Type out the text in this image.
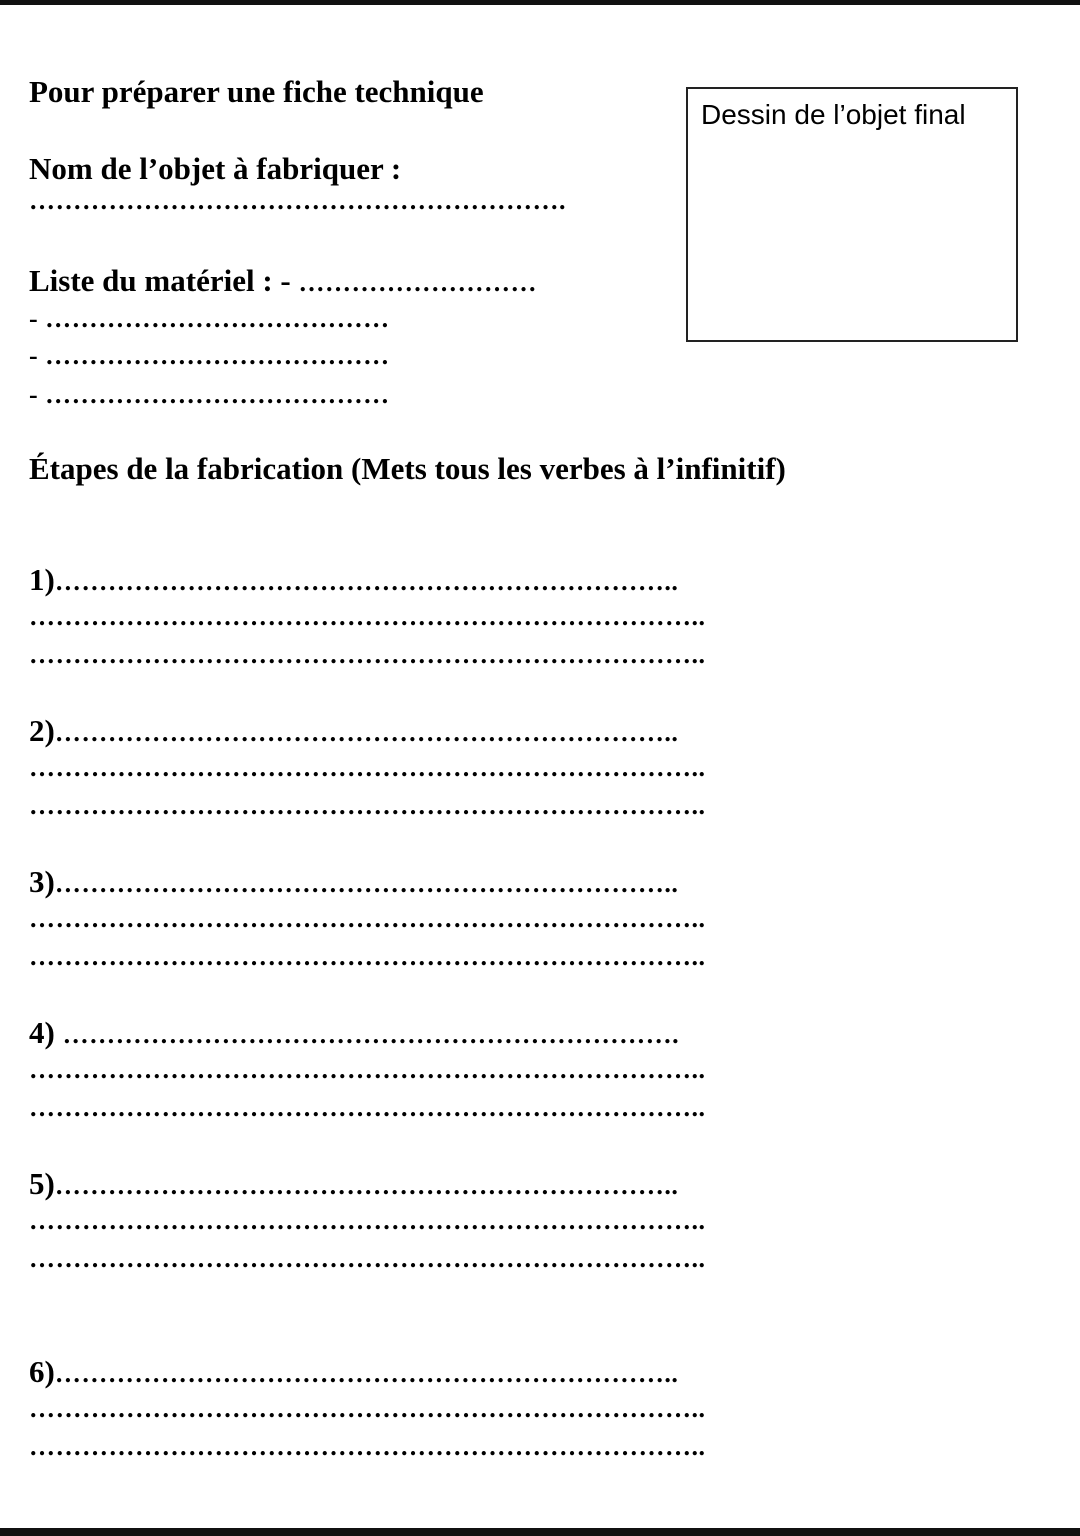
Pour préparer une fiche technique
Nom de l’objet à fabriquer :
…………………………………………………….
Liste du matériel : - ………………………
- …………………………………
- …………………………………
- …………………………………
Dessin de l’objet final
Étapes de la fabrication (Mets tous les verbes à l’infinitif)
1)……………………………………………………………..
…………………………………………………………………..
…………………………………………………………………..
2)……………………………………………………………..
…………………………………………………………………..
…………………………………………………………………..
3)……………………………………………………………..
…………………………………………………………………..
…………………………………………………………………..
4) …………………………………………………………….
…………………………………………………………………..
…………………………………………………………………..
5)……………………………………………………………..
…………………………………………………………………..
…………………………………………………………………..
6)……………………………………………………………..
…………………………………………………………………..
…………………………………………………………………..
